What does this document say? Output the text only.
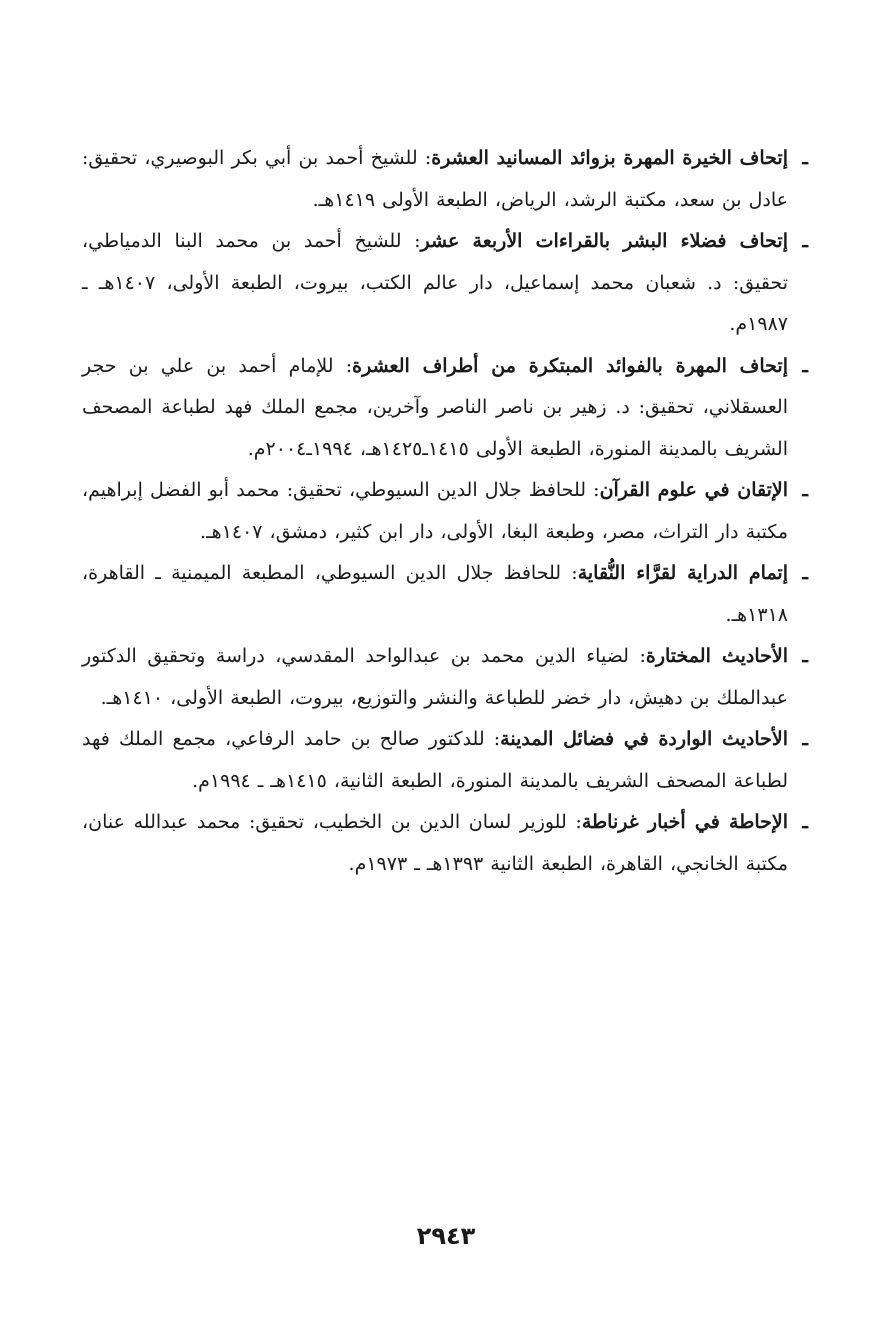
ـ
إتحاف الخيرة المهرة بزوائد المسانيد العشرة: للشيخ أحمد بن أبي بكر البوصيري، تحقيق: عادل بن سعد، مكتبة الرشد، الرياض، الطبعة الأولى ١٤١٩هـ.

ـ
إتحاف فضلاء البشر بالقراءات الأربعة عشر: للشيخ أحمد بن محمد البنا الدمياطي، تحقيق: د. شعبان محمد إسماعيل، دار عالم الكتب، بيروت، الطبعة الأولى، ١٤٠٧هـ ـ ١٩٨٧م.

ـ
إتحاف المهرة بالفوائد المبتكرة من أطراف العشرة: للإمام أحمد بن علي بن حجر العسقلاني، تحقيق: د. زهير بن ناصر الناصر وآخرين، مجمع الملك فهد لطباعة المصحف الشريف بالمدينة المنورة، الطبعة الأولى ١٤١٥ـ١٤٢٥هـ، ١٩٩٤ـ٢٠٠٤م.

ـ
الإتقان في علوم القرآن: للحافظ جلال الدين السيوطي، تحقيق: محمد أبو الفضل إبراهيم، مكتبة دار التراث، مصر، وطبعة البغا، الأولى، دار ابن كثير، دمشق، ١٤٠٧هـ.

ـ
إتمام الدراية لقرَّاء النُّقاية: للحافظ جلال الدين السيوطي، المطبعة الميمنية ـ القاهرة، ١٣١٨هـ.

ـ
الأحاديث المختارة: لضياء الدين محمد بن عبدالواحد المقدسي، دراسة وتحقيق الدكتور عبدالملك بن دهيش، دار خضر للطباعة والنشر والتوزيع، بيروت، الطبعة الأولى، ١٤١٠هـ.

ـ
الأحاديث الواردة في فضائل المدينة: للدكتور صالح بن حامد الرفاعي، مجمع الملك فهد لطباعة المصحف الشريف بالمدينة المنورة، الطبعة الثانية، ١٤١٥هـ ـ ١٩٩٤م.

ـ
الإحاطة في أخبار غرناطة: للوزير لسان الدين بن الخطيب، تحقيق: محمد عبدالله عنان، مكتبة الخانجي، القاهرة، الطبعة الثانية ١٣٩٣هـ ـ ١٩٧٣م.

٢٩٤٣
